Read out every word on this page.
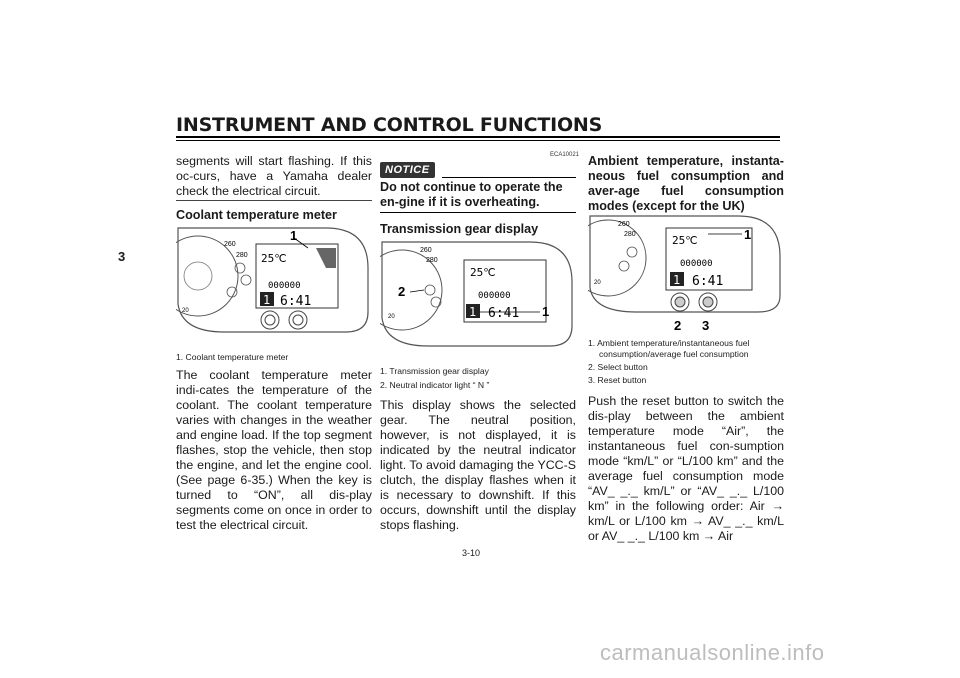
INSTRUMENT AND CONTROL FUNCTIONS
3

segments will start flashing. If this oc-curs, have a Yamaha dealer check the electrical circuit.

Coolant temperature meter

260
280
20
25℃
000000
1 6:41
1

1. Coolant temperature meter

The coolant temperature meter indi-cates the temperature of the coolant. The coolant temperature varies with changes in the weather and engine load. If the top segment flashes, stop the vehicle, then stop the engine, and let the engine cool. (See page 6-35.) When the key is turned to “ON”, all dis-play segments come on once in order to test the electrical circuit.

ECA10021
NOTICE

Do not continue to operate the en-gine if it is overheating.

Transmission gear display

260
280
20
25℃
000000
1 6:41
2
1

1. Transmission gear display

2. Neutral indicator light “ N ”

This display shows the selected gear. The neutral position, however, is not displayed, it is indicated by the neutral indicator light. To avoid damaging the YCC-S clutch, the display flashes when it is necessary to downshift. If this occurs, downshift until the display stops flashing.

Ambient temperature, instanta-neous fuel consumption and aver-age fuel consumption modes (except for the UK)

260
280
20
25℃
000000
1 6:41
1
2 3

1. Ambient temperature/instantaneous fuel
consumption/average fuel consumption

2. Select button

3. Reset button

Push the reset button to switch the dis-play between the ambient temperature mode “Air”, the instantaneous fuel con-sumption mode “km/L” or “L/100 km” and the average fuel consumption mode “AV_ _._ km/L” or “AV_ _._ L/100 km” in the following order: Air → km/L or L/100 km → AV_ _._ km/L or AV_ _._ L/100 km → Air

3-10
carmanualsonline.info
